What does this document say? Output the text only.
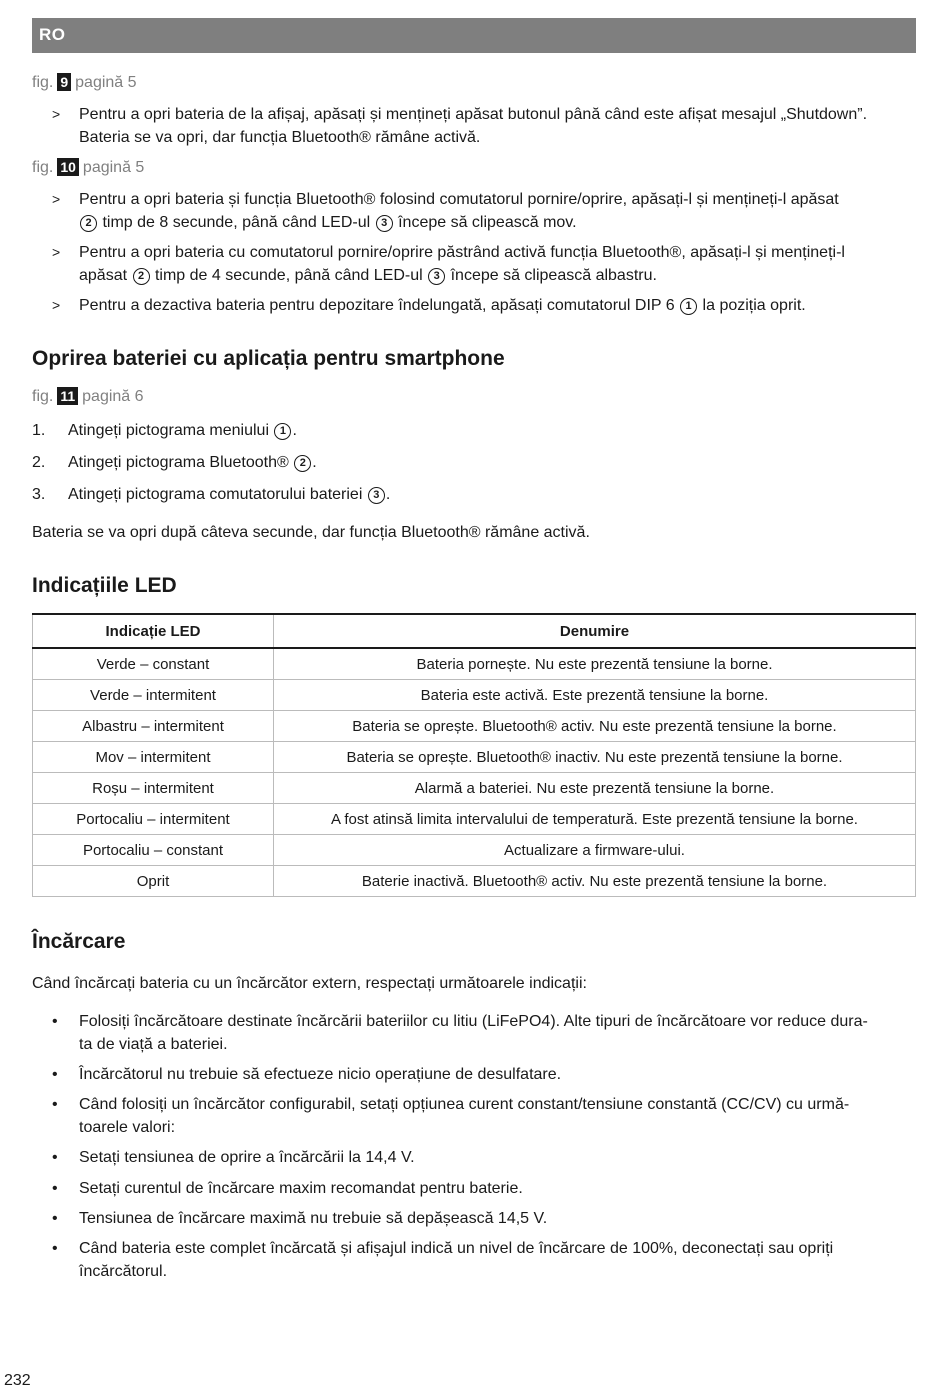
RO
fig. 9 pagină 5
> Pentru a opri bateria de la afișaj, apăsați și mențineți apăsat butonul până când este afișat mesajul „Shutdown”.
Bateria se va opri, dar funcția Bluetooth® rămâne activă.
fig. 10 pagină 5
> Pentru a opri bateria și funcția Bluetooth® folosind comutatorul pornire/oprire, apăsați-l și mențineți-l apăsat
2 timp de 8 secunde, până când LED-ul 3 începe să clipească mov.
> Pentru a opri bateria cu comutatorul pornire/oprire păstrând activă funcția Bluetooth®, apăsați-l și mențineți-l
apăsat 2 timp de 4 secunde, până când LED-ul 3 începe să clipească albastru.
> Pentru a dezactiva bateria pentru depozitare îndelungată, apăsați comutatorul DIP 6 1 la poziția oprit.
Oprirea bateriei cu aplicația pentru smartphone
fig. 11 pagină 6
1. Atingeți pictograma meniului 1 .
2. Atingeți pictograma Bluetooth® 2 .
3. Atingeți pictograma comutatorului bateriei 3 .
Bateria se va opri după câteva secunde, dar funcția Bluetooth® rămâne activă.
Indicațiile LED
Indicație LED	Denumire
Verde – constant	Bateria pornește. Nu este prezentă tensiune la borne.
Verde – intermitent	Bateria este activă. Este prezentă tensiune la borne.
Albastru – intermitent	Bateria se oprește. Bluetooth® activ. Nu este prezentă tensiune la borne.
Mov – intermitent	Bateria se oprește. Bluetooth® inactiv. Nu este prezentă tensiune la borne.
Roșu – intermitent	Alarmă a bateriei. Nu este prezentă tensiune la borne.
Portocaliu – intermitent	A fost atinsă limita intervalului de temperatură. Este prezentă tensiune la borne.
Portocaliu – constant	Actualizare a firmware-ului.
Oprit	Baterie inactivă. Bluetooth® activ. Nu este prezentă tensiune la borne.
Încărcare
Când încărcați bateria cu un încărcător extern, respectați următoarele indicații:
• Folosiți încărcătoare destinate încărcării bateriilor cu litiu (LiFePO4). Alte tipuri de încărcătoare vor reduce dura-
ta de viață a bateriei.
• Încărcătorul nu trebuie să efectueze nicio operațiune de desulfatare.
• Când folosiți un încărcător configurabil, setați opțiunea curent constant/tensiune constantă (CC/CV) cu urmă-
toarele valori:
• Setați tensiunea de oprire a încărcării la 14,4 V.
• Setați curentul de încărcare maxim recomandat pentru baterie.
• Tensiunea de încărcare maximă nu trebuie să depășească 14,5 V.
• Când bateria este complet încărcată și afișajul indică un nivel de încărcare de 100%, deconectați sau opriți
încărcătorul.
232
